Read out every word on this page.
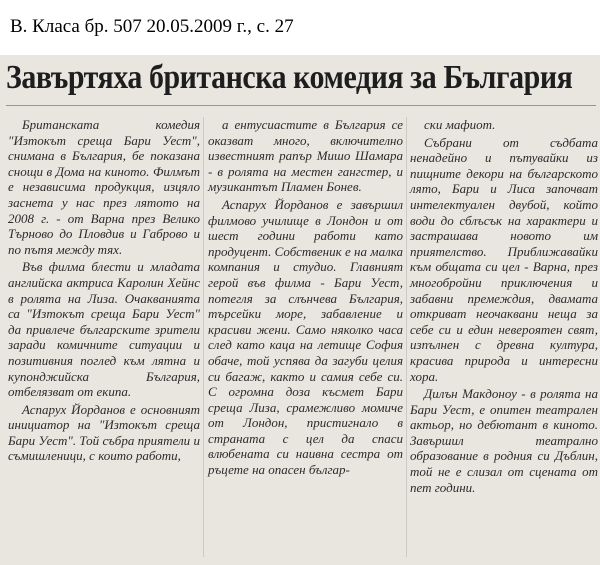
В. Класа бр. 507 20.05.2009 г., с. 27
Завъртяха британска комедия за България

Британската комедия "Изтокът среща Бари Уест", снимана в България, бе показана снощи в Дома на киното. Филмът е независима продукция, изцяло заснета у нас през лятото на 2008 г. - от Варна през Велико Търново до Пловдив и Габрово и по пътя между тях.

Във филма блести и младата английска актриса Каролин Хейнс в ролята на Лиза. Очакванията са "Изтокът среща Бари Уест" да привлече българските зрители заради комичните ситуации и позитивния поглед към лятна и купонджийска България, отбелязват от екипа.

Аспарух Йорданов е основният инициатор на "Изтокът среща Бари Уест". Той събра приятели и съмишленици, с които работи,

а ентусиастите в България се оказват много, включително известният рапър Мишо Шамара - в ролята на местен гангстер, и музикантът Пламен Бонев.

Аспарух Йорданов е завършил филмово училище в Лондон и от шест години работи като продуцент. Собственик е на малка компания и студио. Главният герой във филма - Бари Уест, потегля за слънчева България, търсейки море, забавление и красиви жени. Само няколко часа след като каца на летище София обаче, той успява да загуби целия си багаж, както и самия себе си. С огромна доза късмет Бари среща Лиза, срамежливо момиче от Лондон, пристигнало в страната с цел да спаси влюбената си наивна сестра от ръцете на опасен българ-

ски мафиот.

Събрани от съдбата ненадейно и пътувайки из пищните декори на българското лято, Бари и Лиса започват интелектуален двубой, който води до сблъсък на характери и застрашава новото им приятелство. Приближавайки към общата си цел - Варна, през многобройни приключения и забавни премеждия, двамата откриват неочаквани неща за себе си и един невероятен свят, изпълнен с древна култура, красива природа и интересни хора.

Дилън Макдоноу - в ролята на Бари Уест, е опитен театрален актьор, но дебютант в киното. Завършил театрално образование в родния си Дъблин, той не е слизал от сцената от пет години.
